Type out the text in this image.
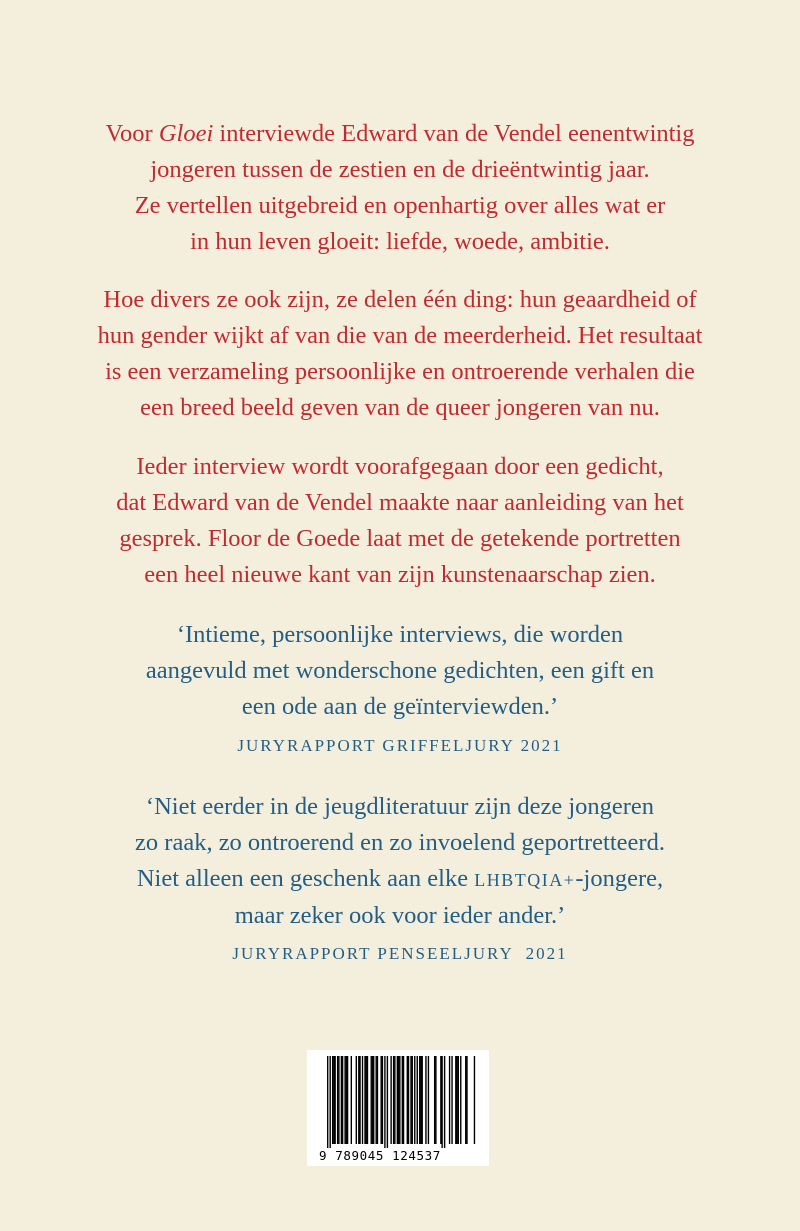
Voor Gloei interviewde Edward van de Vendel eenentwintig
jongeren tussen de zestien en de drieëntwintig jaar.
Ze vertellen uitgebreid en openhartig over alles wat er
in hun leven gloeit: liefde, woede, ambitie.

Hoe divers ze ook zijn, ze delen één ding: hun geaardheid of
hun gender wijkt af van die van de meerderheid. Het resultaat
is een verzameling persoonlijke en ontroerende verhalen die
een breed beeld geven van de queer jongeren van nu.

Ieder interview wordt voorafgegaan door een gedicht,
dat Edward van de Vendel maakte naar aanleiding van het
gesprek. Floor de Goede laat met de getekende portretten
een heel nieuwe kant van zijn kunstenaarschap zien.

‘Intieme, persoonlijke interviews, die worden
aangevuld met wonderschone gedichten, een gift en
een ode aan de geïnterviewden.’

JURYRAPPORT GRIFFELJURY 2021

‘Niet eerder in de jeugdliteratuur zijn deze jongeren
zo raak, zo ontroerend en zo invoelend geportretteerd.
Niet alleen een geschenk aan elke LHBTQIA+-jongere,
maar zeker ook voor ieder ander.’

JURYRAPPORT PENSEELJURY  2021

9 789045 124537
